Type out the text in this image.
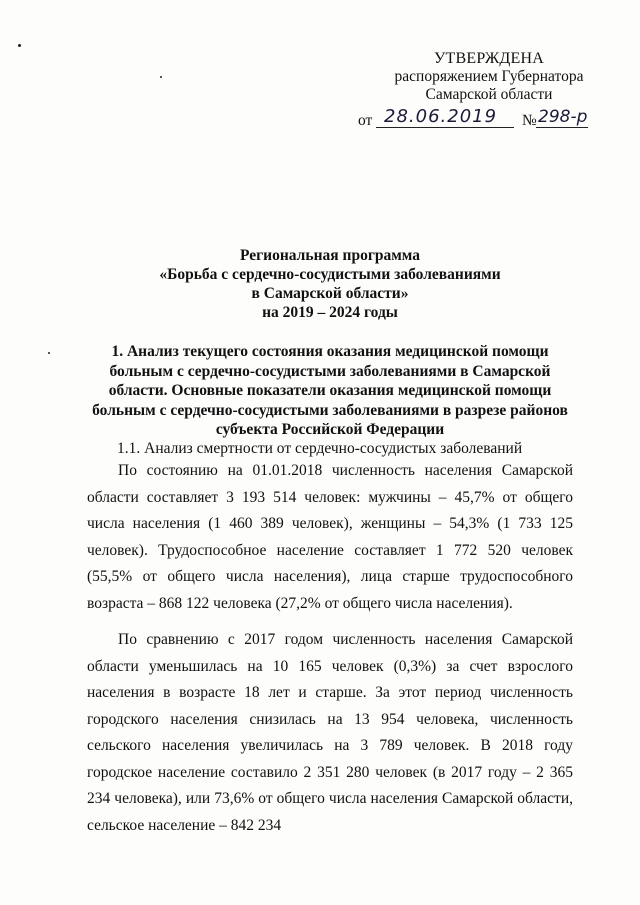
УТВЕРЖДЕНА
распоряжением Губернатора
Самарской области
от 28.06.2019	№ 298-р
Региональная программа
«Борьба с сердечно-сосудистыми заболеваниями
в Самарской области»
на 2019 – 2024 годы
1. Анализ текущего состояния оказания медицинской помощи
больным с сердечно-сосудистыми заболеваниями в Самарской
области. Основные показатели оказания медицинской помощи
больным с сердечно-сосудистыми заболеваниями в разрезе районов
субъекта Российской Федерации
1.1. Анализ смертности от сердечно-сосудистых заболеваний
По состоянию на 01.01.2018 численность населения Самарской области составляет 3 193 514 человек: мужчины – 45,7% от общего числа населения (1 460 389 человек), женщины – 54,3% (1 733 125 человек). Трудоспособное население составляет 1 772 520 человек (55,5% от общего числа населения), лица старше трудоспособного возраста – 868 122 человека (27,2% от общего числа населения).
По сравнению с 2017 годом численность населения Самарской области уменьшилась на 10 165 человек (0,3%) за счет взрослого населения в возрасте 18 лет и старше. За этот период численность городского населения снизилась на 13 954 человека, численность сельского населения увеличилась на 3 789 человек. В 2018 году городское население составило 2 351 280 человек (в 2017 году – 2 365 234 человека), или 73,6% от общего числа населения Самарской области, сельское население – 842 234
